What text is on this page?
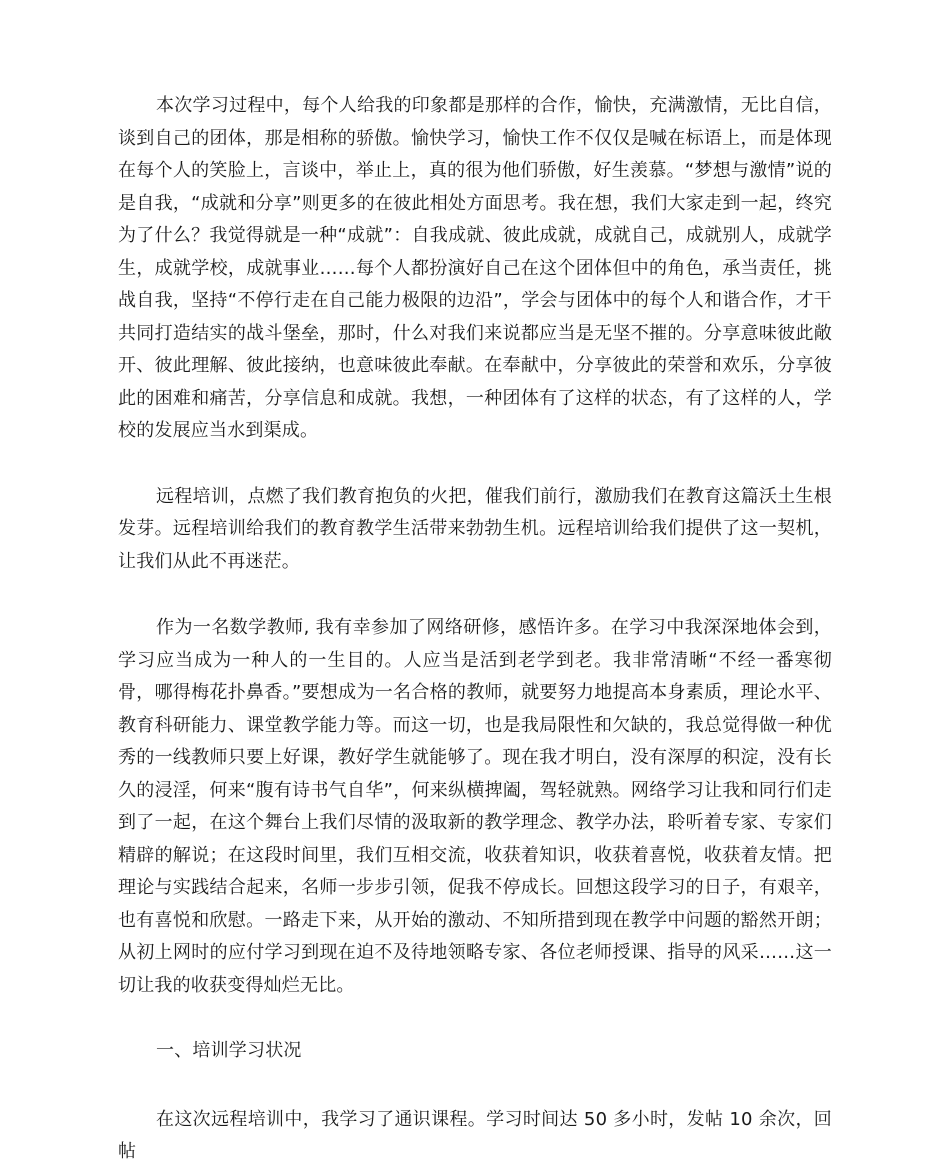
本次学习过程中，每个人给我的印象都是那样的合作，愉快，充满激情，无比自信，谈到自己的团体，那是相称的骄傲。愉快学习，愉快工作不仅仅是喊在标语上，而是体现在每个人的笑脸上，言谈中，举止上，真的很为他们骄傲，好生羡慕。“梦想与激情”说的是自我，“成就和分享”则更多的在彼此相处方面思考。我在想，我们大家走到一起，终究为了什么？我觉得就是一种“成就”：自我成就、彼此成就，成就自己，成就别人，成就学生，成就学校，成就事业……每个人都扮演好自己在这个团体但中的角色，承当责任，挑战自我，坚持“不停行走在自己能力极限的边沿”，学会与团体中的每个人和谐合作，才干共同打造结实的战斗堡垒，那时，什么对我们来说都应当是无坚不摧的。分享意味彼此敞开、彼此理解、彼此接纳，也意味彼此奉献。在奉献中，分享彼此的荣誉和欢乐，分享彼此的困难和痛苦，分享信息和成就。我想，一种团体有了这样的状态，有了这样的人，学校的发展应当水到渠成。

远程培训，点燃了我们教育抱负的火把，催我们前行，激励我们在教育这篇沃土生根发芽。远程培训给我们的教育教学生活带来勃勃生机。远程培训给我们提供了这一契机，让我们从此不再迷茫。

作为一名数学教师, 我有幸参加了网络研修，感悟许多。在学习中我深深地体会到，学习应当成为一种人的一生目的。人应当是活到老学到老。我非常清晰“不经一番寒彻骨，哪得梅花扑鼻香。”要想成为一名合格的教师，就要努力地提高本身素质，理论水平、教育科研能力、课堂教学能力等。而这一切，也是我局限性和欠缺的，我总觉得做一种优秀的一线教师只要上好课，教好学生就能够了。现在我才明白，没有深厚的积淀，没有长久的浸淫，何来“腹有诗书气自华”，何来纵横捭阖，驾轻就熟。网络学习让我和同行们走到了一起，在这个舞台上我们尽情的汲取新的教学理念、教学办法，聆听着专家、专家们精辟的解说；在这段时间里，我们互相交流，收获着知识，收获着喜悦，收获着友情。把理论与实践结合起来，名师一步步引领，促我不停成长。回想这段学习的日子，有艰辛，也有喜悦和欣慰。一路走下来，从开始的激动、不知所措到现在教学中问题的豁然开朗；从初上网时的应付学习到现在迫不及待地领略专家、各位老师授课、指导的风采……这一切让我的收获变得灿烂无比。

一、培训学习状况

在这次远程培训中，我学习了通识课程。学习时间达 50 多小时，发帖 10 余次，回帖
